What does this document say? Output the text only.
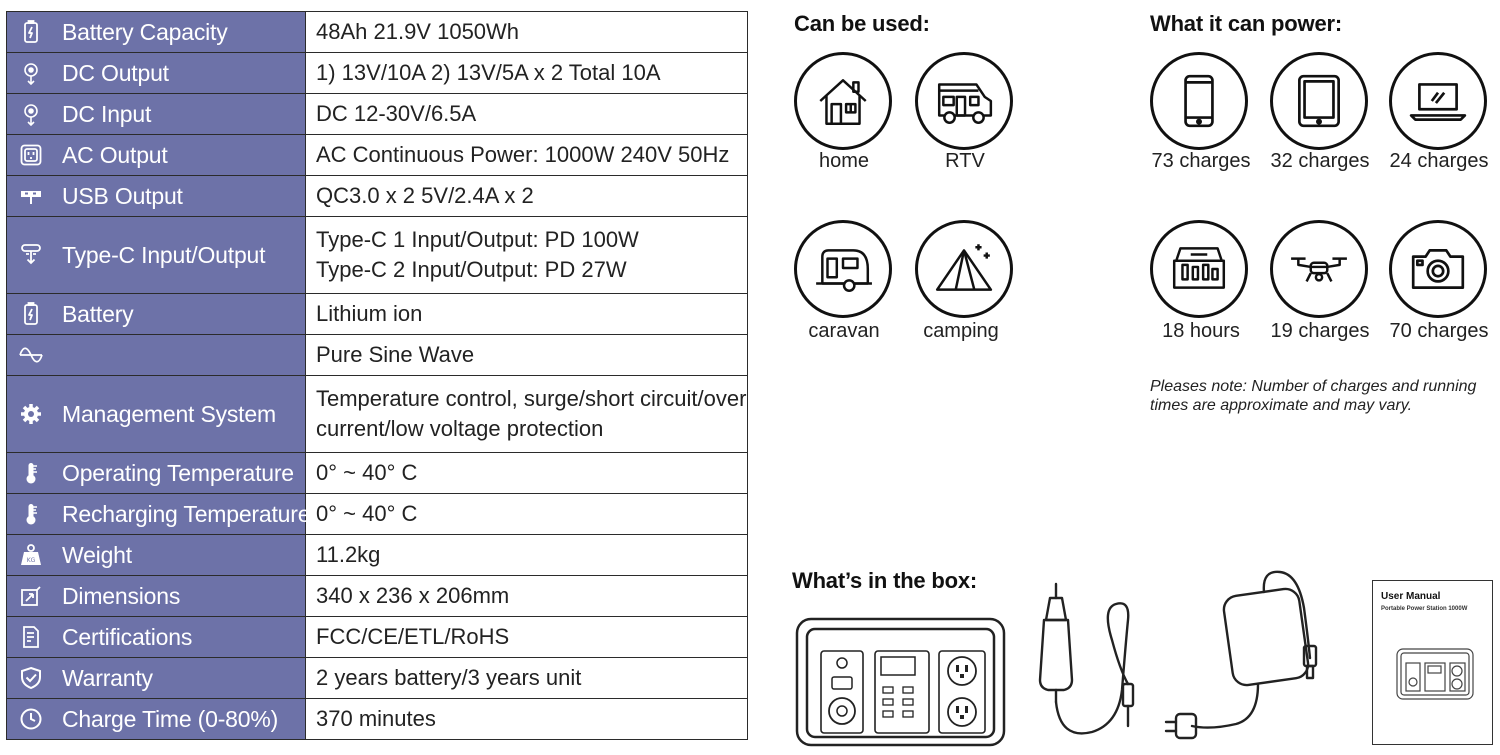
Battery Capacity	48Ah 21.9V 1050Wh

DC Output	1) 13V/10A 2) 13V/5A x 2 Total 10A

DC Input	DC 12-30V/6.5A

AC Output	AC Continuous Power: 1000W 240V 50Hz

USB Output	QC3.0 x 2 5V/2.4A x 2

Type-C Input/Output	Type-C 1 Input/Output: PD 100W
Type-C 2 Input/Output: PD 27W

Battery	Lithium ion

Pure Sine Wave

Management System	Temperature control, surge/short circuit/over
current/low voltage protection

Operating Temperature	0° ~ 40° C

Recharging Temperature	0° ~ 40° C

KG Weight	11.2kg

Dimensions	340 x 236 x 206mm

Certifications	FCC/CE/ETL/RoHS

Warranty	2 years battery/3 years unit

Charge Time (0-80%)	370 minutes
Can be used:
home	RTV
caravan	camping
What it can power:
73 charges	32 charges	24 charges
18 hours	19 charges	70 charges
Pleases note: Number of charges and running
times are approximate and may vary.
What’s in the box:
User Manual
Portable Power Station 1000W
